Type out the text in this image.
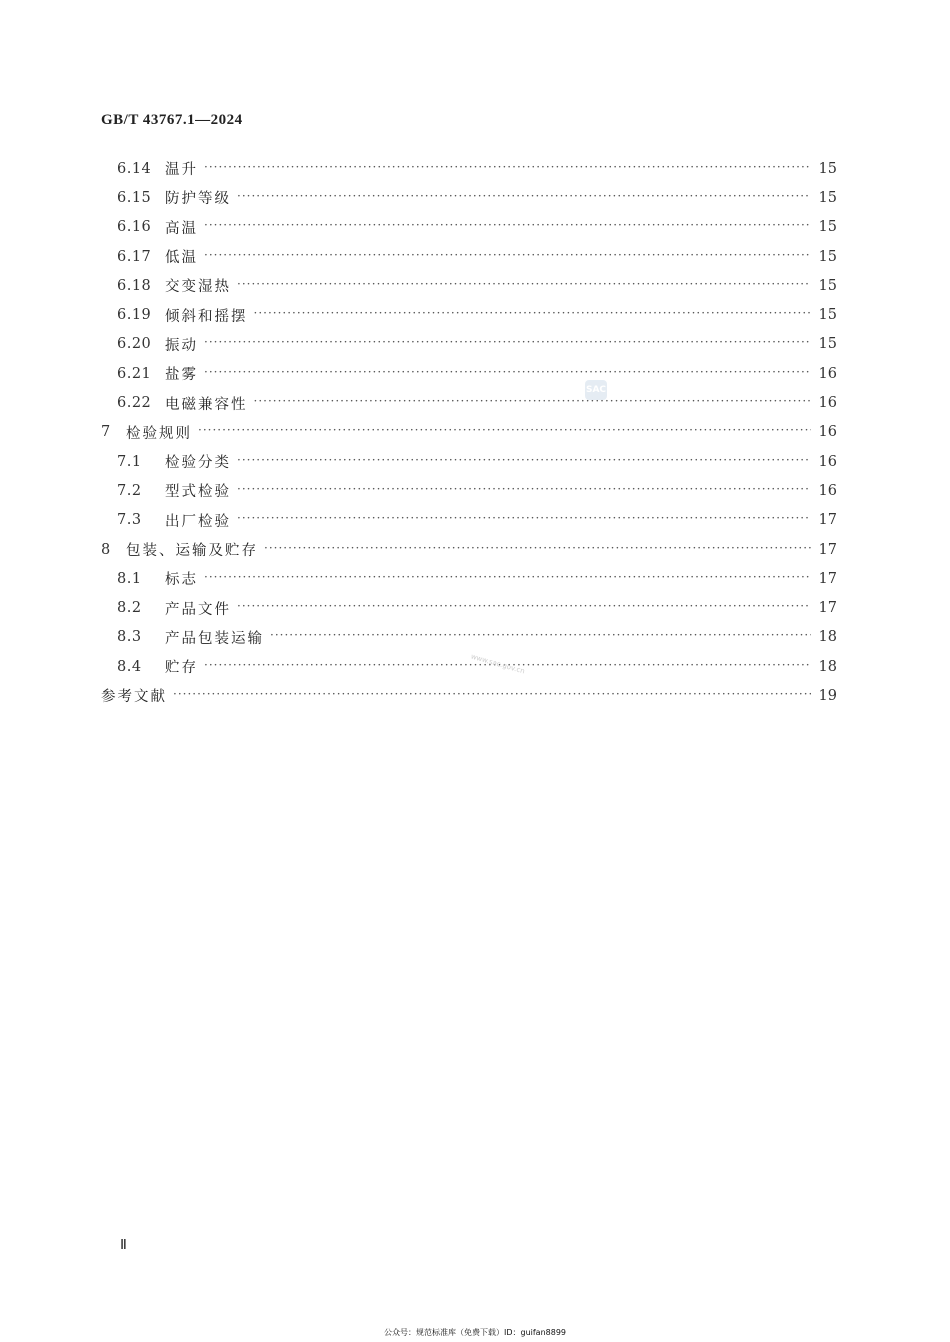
GB/T 43767.1—2024
6.14 温升 ·····	15
6.15 防护等级 ·····	15
6.16 高温 ·····	15
6.17 低温 ·····	15
6.18 交变湿热 ·····	15
6.19 倾斜和摇摆 ·····	15
6.20 振动 ·····	15
6.21 盐雾 ·····	16
6.22 电磁兼容性 ·····	16
7	检验规则 ·····	16
7.1	检验分类 ·····	16
7.2	型式检验 ·····	16
7.3	出厂检验 ·····	17
8	包装、运输及贮存 ·····	17
8.1	标志 ·····	17
8.2	产品文件 ·····	17
8.3	产品包装运输 ·····	18
8.4	贮存 ·····	18
参考文献 ·····	19
SAC
www.sac.gov.cn
Ⅱ
公众号：规范标准库（免费下载）ID：guifan8899
